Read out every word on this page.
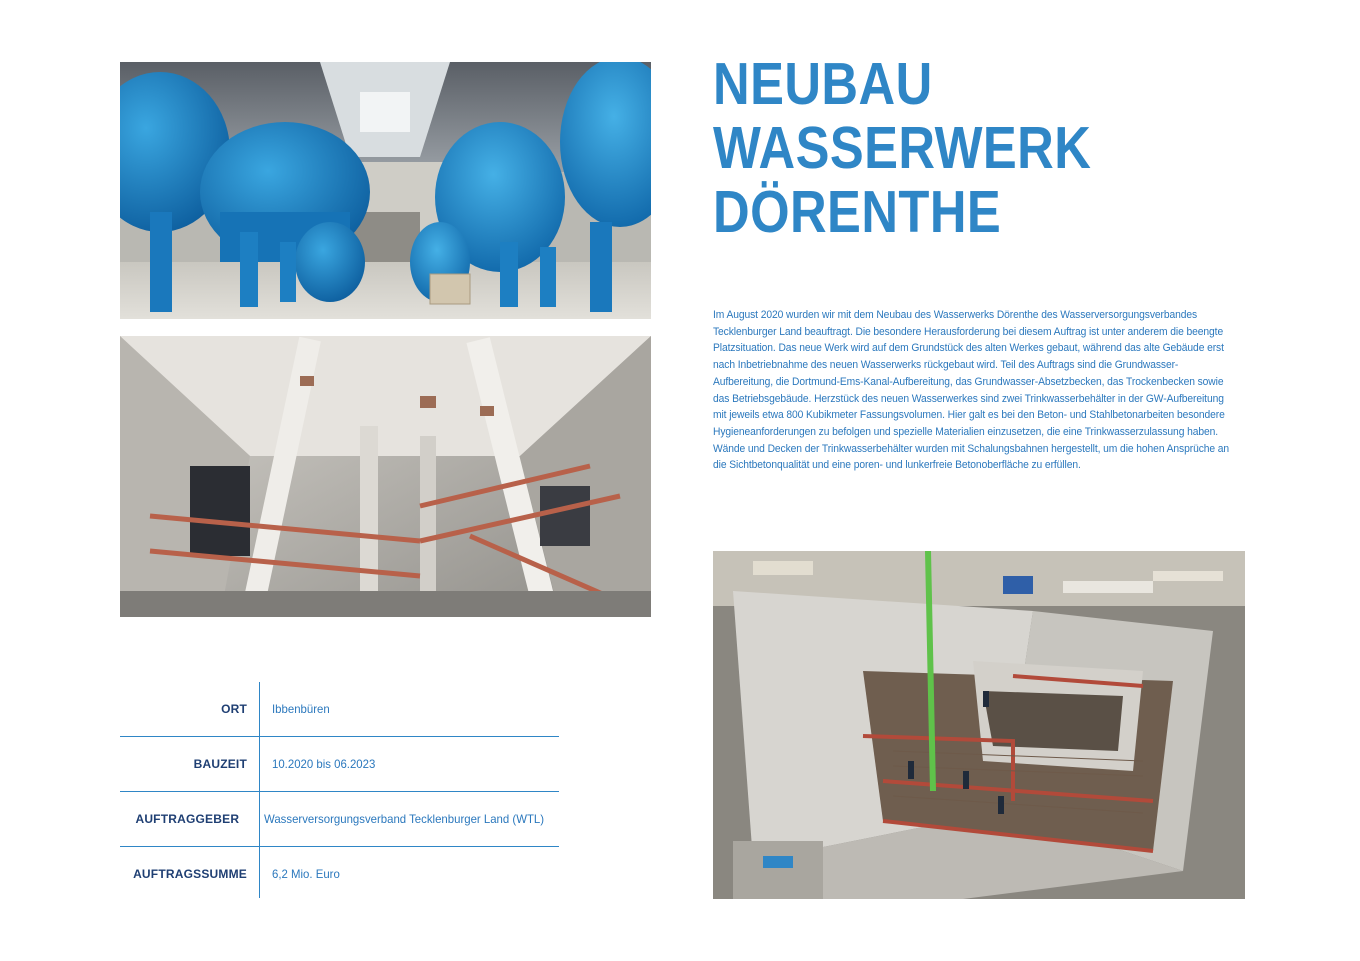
NEUBAU
WASSERWERK
DÖRENTHE

Im August 2020 wurden wir mit dem Neubau des Wasserwerks Dörenthe des Wasserversorgungsverbandes Tecklenburger Land beauftragt. Die besondere Herausforderung bei diesem Auftrag ist unter anderem die beengte Platzsituation. Das neue Werk wird auf dem Grundstück des alten Werkes gebaut, während das alte Gebäude erst nach Inbetriebnahme des neuen Wasserwerks rückgebaut wird. Teil des Auftrags sind die Grundwasser-Aufbereitung, die Dortmund-Ems-Kanal-Aufbereitung, das Grundwasser-Absetzbecken, das Trockenbecken sowie das Betriebsgebäude. Herzstück des neuen Wasserwerkes sind zwei Trinkwasserbehälter in der GW-Aufbereitung mit jeweils etwa 800 Kubikmeter Fassungsvolumen. Hier galt es bei den Beton- und Stahlbetonarbeiten besondere Hygieneanforderungen zu befolgen und spezielle Materialien einzusetzen, die eine Trinkwasserzulassung haben. Wände und Decken der Trinkwasserbehälter wurden mit Schalungsbahnen hergestellt, um die hohen Ansprüche an die Sichtbetonqualität und eine poren- und lunkerfreie Betonoberfläche zu erfüllen.

ORT Ibbenbüren
BAUZEIT 10.2020 bis 06.2023
AUFTRAGGEBER Wasserversorgungsverband Tecklenburger Land (WTL)
AUFTRAGSSUMME 6,2 Mio. Euro
